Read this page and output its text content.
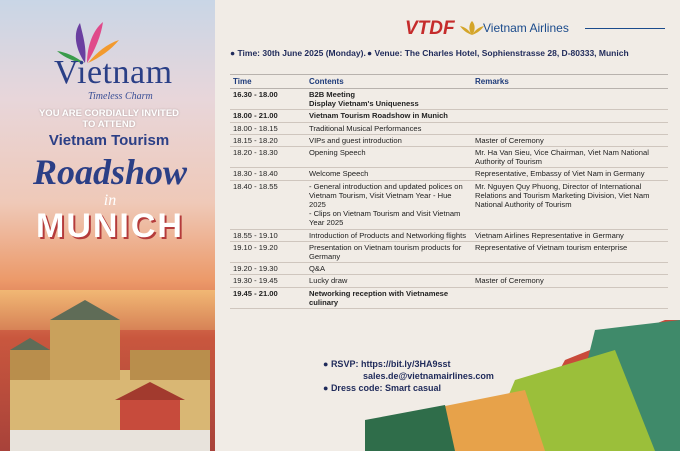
Vietnam
Timeless Charm
YOU ARE CORDIALLY INVITED
TO ATTEND
Vietnam Tourism
Roadshow
in
MUNICH
VTDF Vietnam Airlines
● Time: 30th June 2025 (Monday). ● Venue: The Charles Hotel, Sophienstrasse 28, D-80333, Munich
Time	Contents	Remarks
16.30 - 18.00	B2B Meeting
Display Vietnam's Uniqueness	
18.00 - 21.00	Vietnam Tourism Roadshow in Munich	
18.00 - 18.15	Traditional Musical Performances	
18.15 - 18.20	VIPs and guest introduction	Master of Ceremony
18.20 - 18.30	Opening Speech	Mr. Ha Van Sieu, Vice Chairman, Viet Nam National Authority of Tourism
18.30 - 18.40	Welcome Speech	Representative, Embassy of Viet Nam in Germany
18.40 - 18.55	- General introduction and updated polices on Vietnam Tourism, Visit Vietnam Year - Hue 2025
- Clips on Vietnam Tourism and Visit Vietnam Year 2025	Mr. Nguyen Quy Phuong, Director of International Relations and Tourism Marketing Division, Viet Nam National Authority of Tourism
18.55 - 19.10	Introduction of Products and Networking flights	Vietnam Airlines Representative in Germany
19.10 - 19.20	Presentation on Vietnam tourism products for Germany	Representative of Vietnam tourism enterprise
19.20 - 19.30	Q&A	
19.30 - 19.45	Lucky draw	Master of Ceremony
19.45 - 21.00	Networking reception with Vietnamese culinary	
● RSVP: https://bit.ly/3HA9sst
sales.de@vietnamairlines.com
● Dress code: Smart casual
